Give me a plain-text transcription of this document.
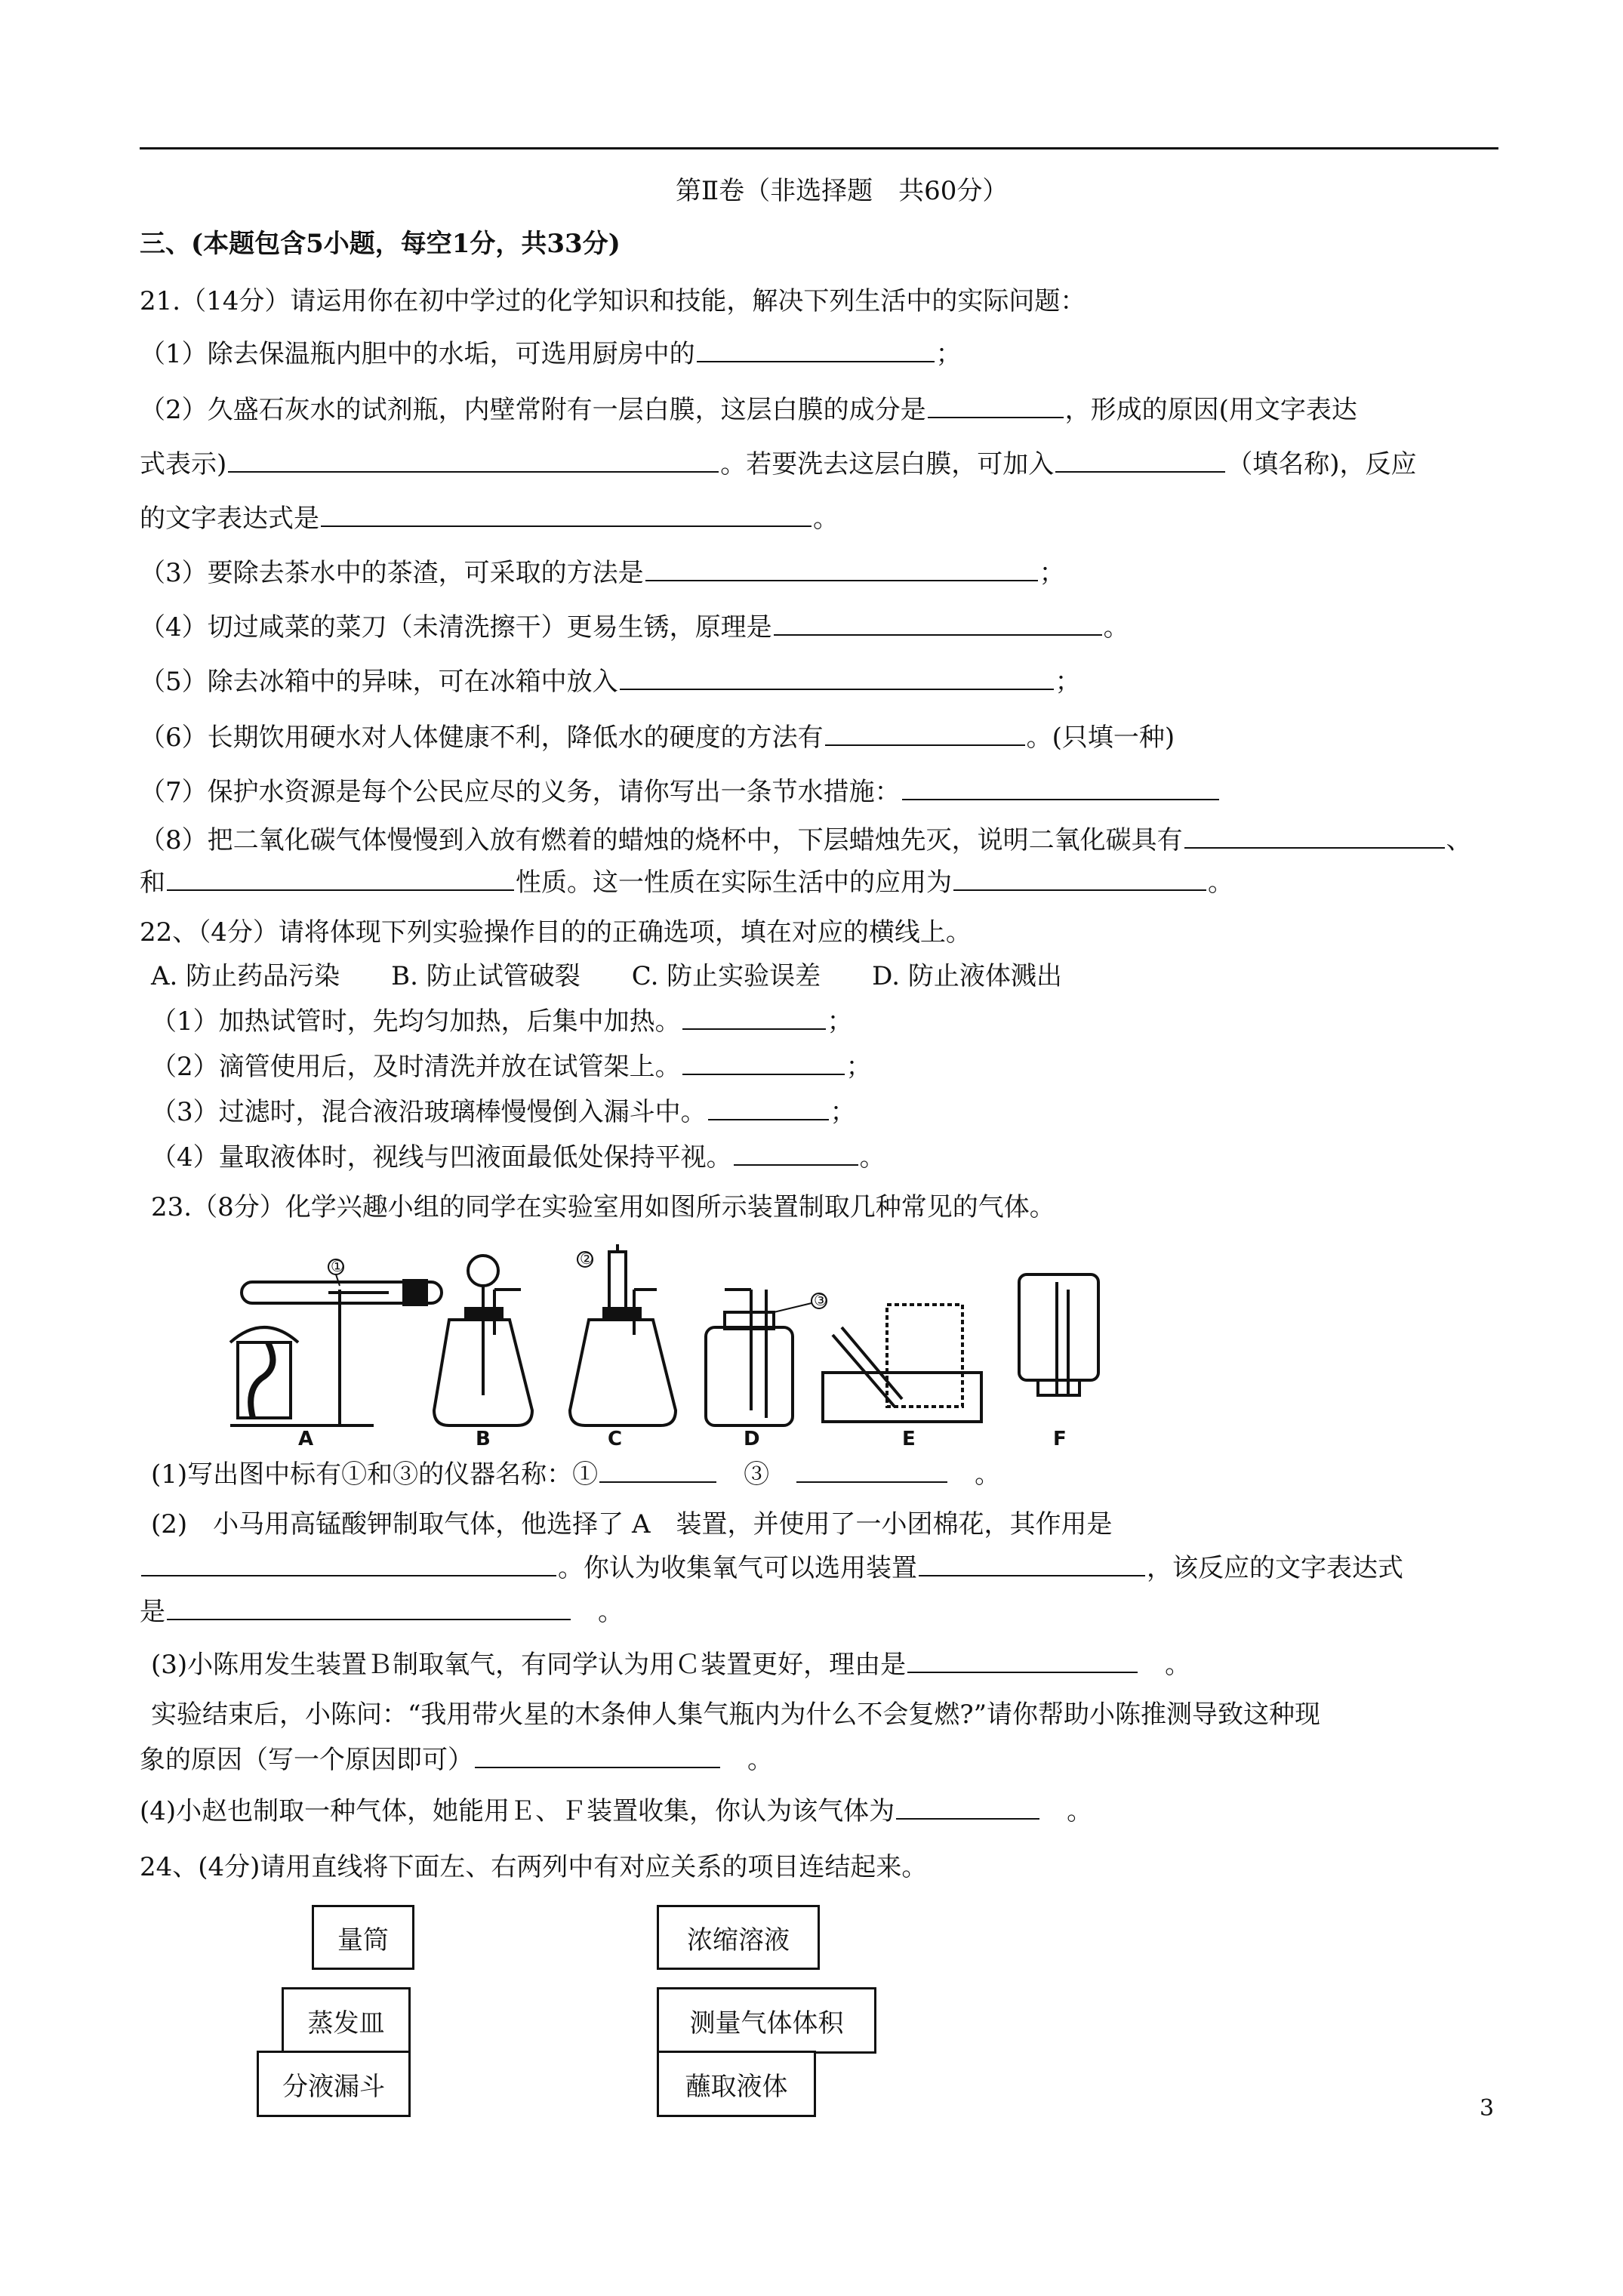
第Ⅱ卷（非选择题　共60分）
三、(本题包含5小题，每空1分，共33分)
21.（14分）请运用你在初中学过的化学知识和技能，解决下列生活中的实际问题：
（1）除去保温瓶内胆中的水垢，可选用厨房中的	；
（2）久盛石灰水的试剂瓶，内壁常附有一层白膜，这层白膜的成分是	，形成的原因(用文字表达
式表示)	。若要洗去这层白膜，可加入	（填名称)，反应
的文字表达式是	。
（3）要除去茶水中的茶渣，可采取的方法是	；
（4）切过咸菜的菜刀（未清洗擦干）更易生锈，原理是	。
（5）除去冰箱中的异味，可在冰箱中放入	；
（6）长期饮用硬水对人体健康不利，降低水的硬度的方法有	。(只填一种)
（7）保护水资源是每个公民应尽的义务，请你写出一条节水措施：
（8）把二氧化碳气体慢慢到入放有燃着的蜡烛的烧杯中，下层蜡烛先灭，说明二氧化碳具有	、
和	性质。这一性质在实际生活中的应用为	。
22、（4分）请将体现下列实验操作目的的正确选项，填在对应的横线上。
A. 防止药品污染　　B. 防止试管破裂　　C. 防止实验误差　　D. 防止液体溅出
（1）加热试管时，先均匀加热，后集中加热。	；
（2）滴管使用后，及时清洗并放在试管架上。	；
（3）过滤时，混合液沿玻璃棒慢慢倒入漏斗中。	；
（4）量取液体时，视线与凹液面最低处保持平视。	。
23.（8分）化学兴趣小组的同学在实验室用如图所示装置制取几种常见的气体。
①
A	B
②
C
③
D	E	F
(1)写出图中标有①和③的仪器名称：①　	③　　	。
(2)　小马用高锰酸钾制取气体，他选择了 A　装置，并使用了一小团棉花，其作用是
。你认为收集氧气可以选用装置	，该反应的文字表达式
是　	。
(3)小陈用发生装置Ｂ制取氧气，有同学认为用Ｃ装置更好，理由是　	。
实验结束后，小陈问：“我用带火星的木条伸人集气瓶内为什么不会复燃?”请你帮助小陈推测导致这种现
象的原因（写一个原因即可）　	。
(4)小赵也制取一种气体，她能用Ｅ、Ｆ装置收集，你认为该气体为　	。
24、(4分)请用直线将下面左、右两列中有对应关系的项目连结起来。
量筒
蒸发皿
分液漏斗
浓缩溶液
测量气体体积
蘸取液体
3
